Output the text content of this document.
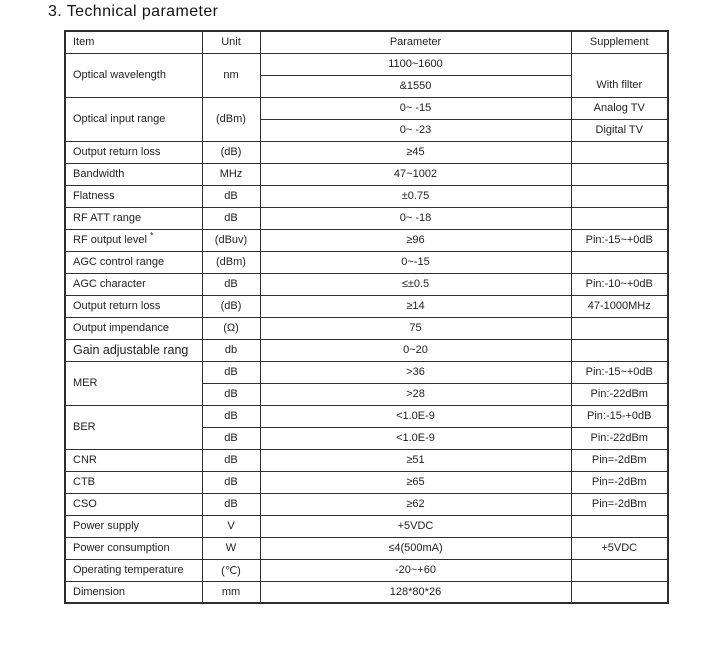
3. Technical parameter
Item	Unit	Parameter	Supplement
Optical wavelength	nm	1100~1600	With filter
		&1550	
Optical input range	(dBm)	0~ -15	Analog TV
		0~ -23	Digital TV
Output return loss	(dB)	≥45	
Bandwidth	MHz	47~1002	
Flatness	dB	±0.75	
RF ATT range	dB	0~ -18	
RF output level *	(dBuv)	≥96	Pin:-15~+0dB
AGC control range	(dBm)	0~-15	
AGC character	dB	≤±0.5	Pin:-10~+0dB
Output return loss	(dB)	≥14	47-1000MHz
Output impendance	(Ω)	75	
Gain adjustable rang	db	0~20	
MER	dB	>36	Pin:-15~+0dB
	dB	>28	Pin:-22dBm
BER	dB	<1.0E-9	Pin:-15-+0dB
	dB	<1.0E-9	Pin:-22dBm
CNR	dB	≥51	Pin=-2dBm
CTB	dB	≥65	Pin=-2dBm
CSO	dB	≥62	Pin=-2dBm
Power supply	V	+5VDC	
Power consumption	W	≤4(500mA)	+5VDC
Operating temperature	(℃)	-20~+60	
Dimension	mm	128*80*26	
